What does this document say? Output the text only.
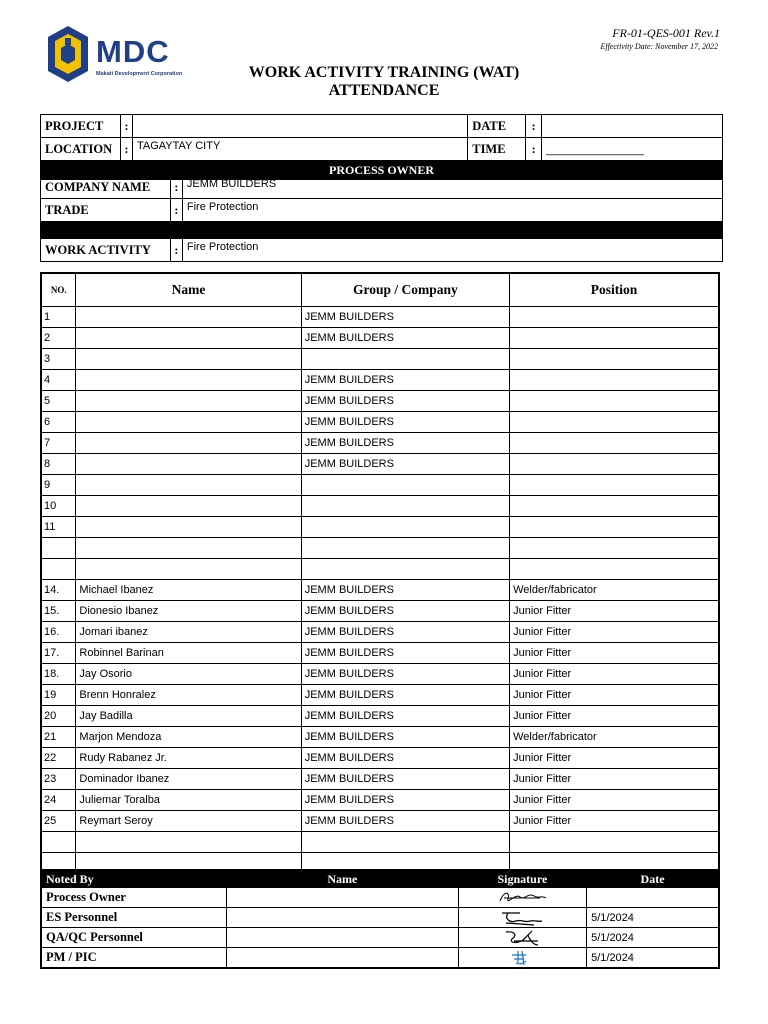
MDC
Makati Development Corporation
FR-01-QES-001 Rev.1
Effectivity Date: November 17, 2022
WORK ACTIVITY TRAINING (WAT)
ATTENDANCE
PROJECT	:		DATE	:	
LOCATION	:	TAGAYTAY CITY	TIME	:	________________
PROCESS OWNER					
COMPANY NAME	:	JEMM BUILDERS
TRADE	:	Fire Protection

WORK ACTIVITY	:	Fire Protection
NO.	Name	Group / Company	Position
1		JEMM BUILDERS	
2		JEMM BUILDERS	
3			
4		JEMM BUILDERS	
5		JEMM BUILDERS	
6		JEMM BUILDERS	
7		JEMM BUILDERS	
8		JEMM BUILDERS	
9			
10			
11			

14.	Michael Ibanez	JEMM BUILDERS	Welder/fabricator
15.	Dionesio Ibanez	JEMM BUILDERS	Junior Fitter
16.	Jomari ibanez	JEMM BUILDERS	Junior Fitter
17.	Robinnel Barinan	JEMM BUILDERS	Junior Fitter
18.	Jay Osorio	JEMM BUILDERS	Junior Fitter
19	Brenn Honralez	JEMM BUILDERS	Junior Fitter
20	Jay Badilla	JEMM BUILDERS	Junior Fitter
21	Marjon Mendoza	JEMM BUILDERS	Welder/fabricator
22	Rudy Rabanez Jr.	JEMM BUILDERS	Junior Fitter
23	Dominador Ibanez	JEMM BUILDERS	Junior Fitter
24	Juliemar Toralba	JEMM BUILDERS	Junior Fitter
25	Reymart Seroy	JEMM BUILDERS	Junior Fitter

Noted By	Name	Signature	Date
Process Owner		

ES Personnel			5/1/2024
QA/QC Personnel			5/1/2024
PM / PIC			5/1/2024
